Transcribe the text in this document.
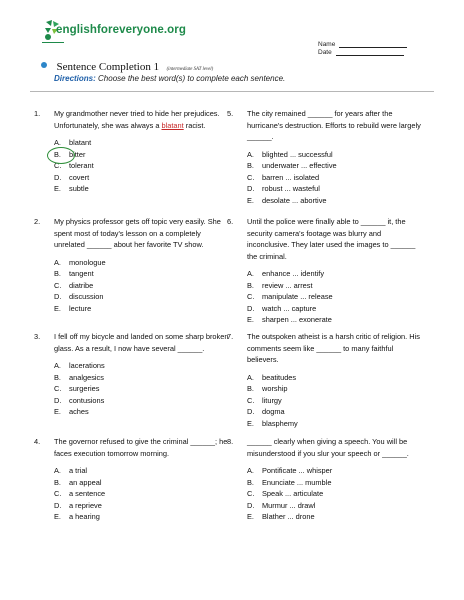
englishforeveryone.org
Name
Date
Sentence Completion 1 (intermediate SAT level)
Directions: Choose the best word(s) to complete each sentence.
1. My grandmother never tried to hide her prejudices. Unfortunately, she was always a blatant racist.

A. blatant
B. bitter
C. tolerant
D. covert
E. subtle
2. My physics professor gets off topic very easily. She spent most of today's lesson on a completely unrelated ______ about her favorite TV show.

A. monologue
B. tangent
C. diatribe
D. discussion
E. lecture
3. I fell off my bicycle and landed on some sharp broken glass. As a result, I now have several ______.

A. lacerations
B. analgesics
C. surgeries
D. contusions
E. aches
4. The governor refused to give the criminal ______; he faces execution tomorrow morning.

A. a trial
B. an appeal
C. a sentence
D. a reprieve
E. a hearing
5. The city remained ______ for years after the hurricane's destruction. Efforts to rebuild were largely ______.

A. blighted ... successful
B. underwater ... effective
C. barren ... isolated
D. robust ... wasteful
E. desolate ... abortive
6. Until the police were finally able to ______ it, the security camera's footage was blurry and inconclusive. They later used the images to ______ the criminal.

A. enhance ... identify
B. review ... arrest
C. manipulate ... release
D. watch ... capture
E. sharpen ... exonerate
7. The outspoken atheist is a harsh critic of religion. His comments seem like ______ to many faithful believers.

A. beatitudes
B. worship
C. liturgy
D. dogma
E. blasphemy
8. ______ clearly when giving a speech. You will be misunderstood if you slur your speech or ______.

A. Pontificate ... whisper
B. Enunciate ... mumble
C. Speak ... articulate
D. Murmur ... drawl
E. Blather ... drone
